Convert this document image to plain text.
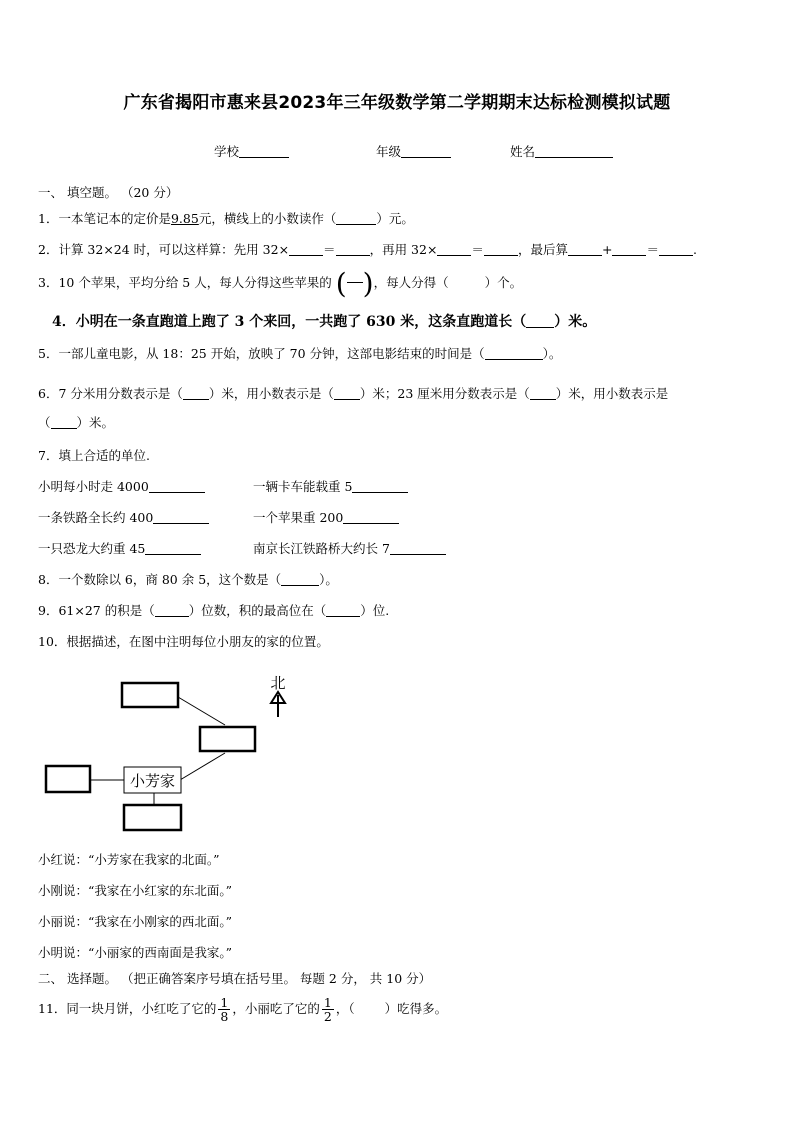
广东省揭阳市惠来县2023年三年级数学第二学期期末达标检测模拟试题
学校	年级	姓名
一、 填空题。 （20 分）
1．一本笔记本的定价是9.85元，横线上的小数读作（	）元。
2．计算 32×24 时，可以这样算：先用 32×	＝	，再用 32×	＝	，最后算	+	＝	.
3．10 个苹果，平均分给 5 人，每人分得这些苹果的 ( )，每人分得（	）个。
4．小明在一条直跑道上跑了 3 个来回，一共跑了 630 米，这条直跑道长（ ）米。
5．一部儿童电影，从 18：25 开始，放映了 70 分钟，这部电影结束的时间是（	）。
6．7 分米用分数表示是（ ）米，用小数表示是（ ）米；23 厘米用分数表示是（ ）米，用小数表示是
（ ）米。
7．填上合适的单位.
小明每小时走 4000	一辆卡车能载重 5
一条铁路全长约 400	一个苹果重 200
一只恐龙大约重 45	南京长江铁路桥大约长 7
8．一个数除以 6，商 80 余 5，这个数是（	）。
9．61×27 的积是（	）位数，积的最高位在（	）位.
10．根据描述，在图中注明每位小朋友的家的位置。
小芳家
北
小红说：“小芳家在我家的北面。”
小刚说：“我家在小红家的东北面。”
小丽说：“我家在小刚家的西北面。”
小明说：“小丽家的西南面是我家。”
二、 选择题。 （把正确答案序号填在括号里。 每题 2 分， 共 10 分）
11．同一块月饼，小红吃了它的 $\frac{1}{8}$ ，小丽吃了它的 $\frac{1}{2}$ ，（ ）吃得多。
